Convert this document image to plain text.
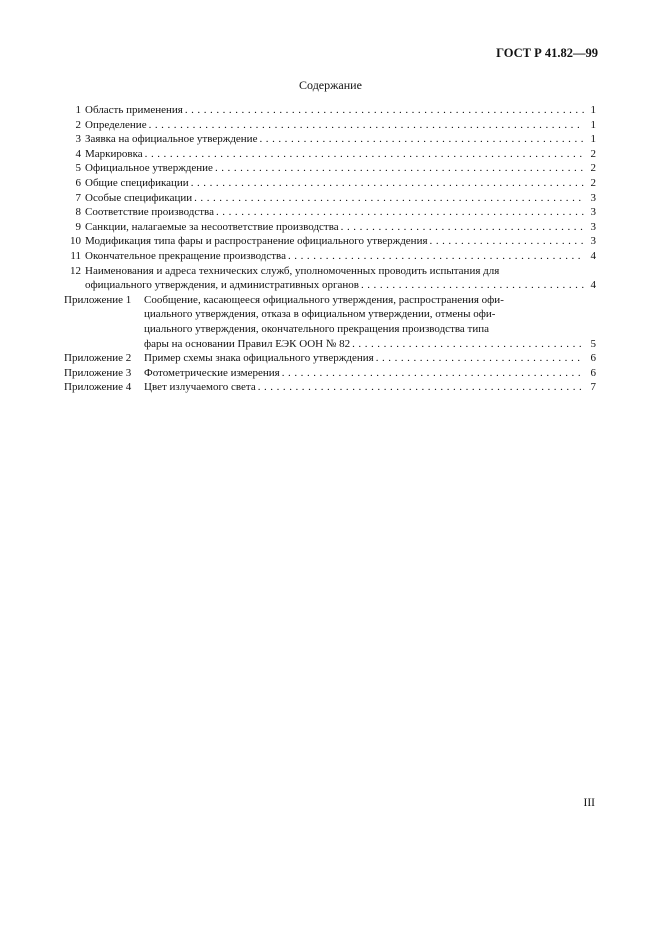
ГОСТ Р 41.82—99
Содержание
1 Область применения . . .	1
2 Определение . . .	1
3 Заявка на официальное утверждение . . .	1
4 Маркировка . . .	2
5 Официальное утверждение . . .	2
6 Общие спецификации . . .	2
7 Особые спецификации . . .	3
8 Соответствие производства . . .	3
9 Санкции, налагаемые за несоответствие производства . . .	3
10 Модификация типа фары и распространение официального утверждения . . .	3
11 Окончательное прекращение производства . . .	4
12 Наименования и адреса технических служб, уполномоченных проводить испытания для
официального утверждения, и административных органов . . .	4
Приложение 1	Сообщение, касающееся официального утверждения, распространения офи-
циального утверждения, отказа в официальном утверждении, отмены офи-
циального утверждения, окончательного прекращения производства типа
фары на основании Правил ЕЭК ООН № 82 . . .	5
Приложение 2	Пример схемы знака официального утверждения . . .	6
Приложение 3	Фотометрические измерения . . .	6
Приложение 4	Цвет излучаемого света . . .	7
III
